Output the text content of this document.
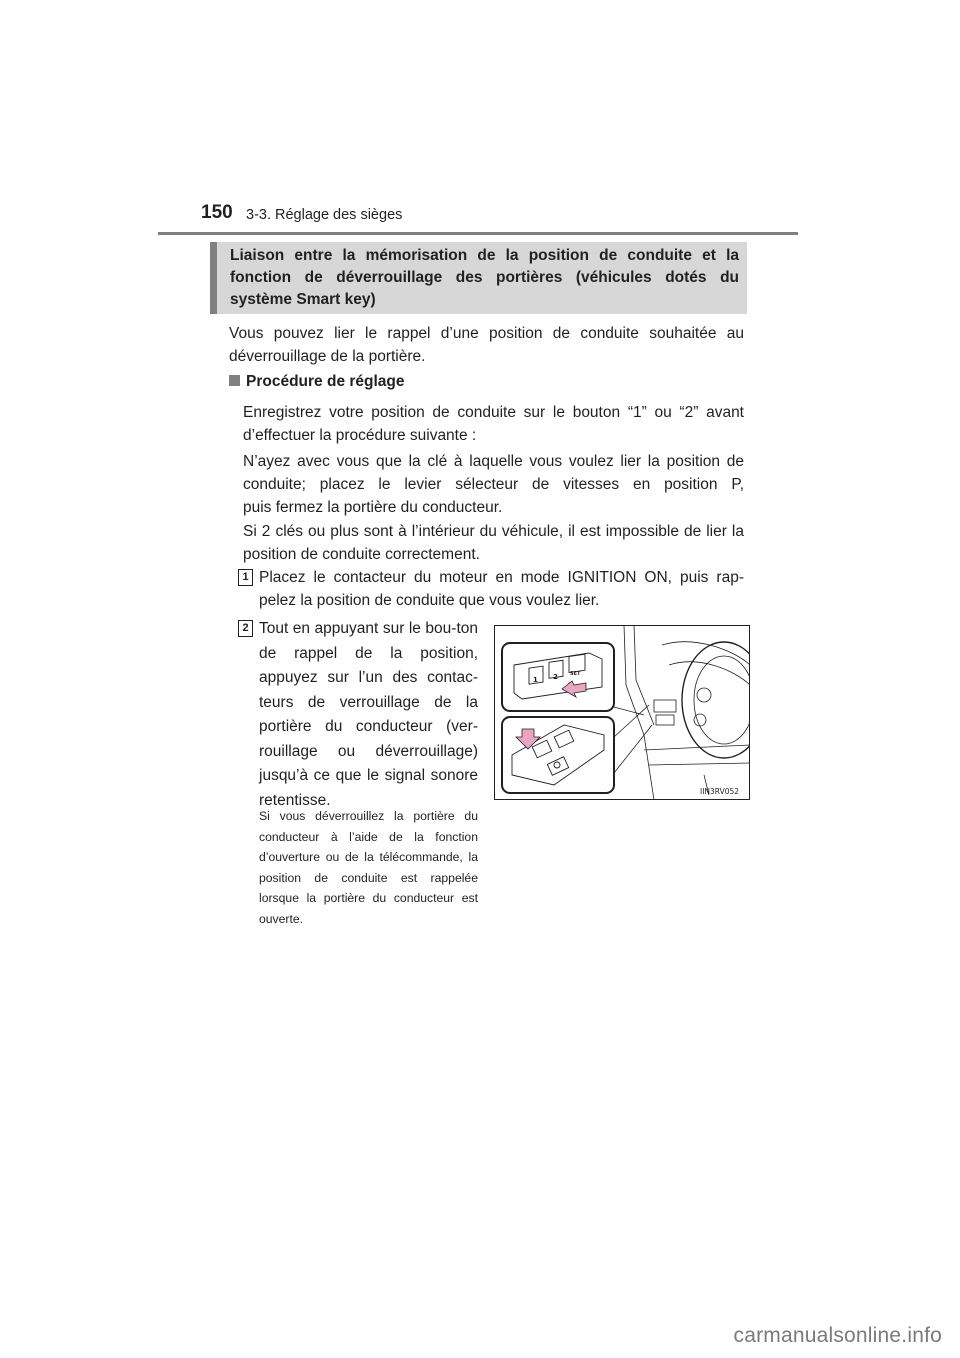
150 3-3. Réglage des sièges
Liaison entre la mémorisation de la position de conduite et la fonction de déverrouillage des portières (véhicules dotés du système Smart key)
Vous pouvez lier le rappel d’une position de conduite souhaitée au déverrouillage de la portière.
Procédure de réglage
Enregistrez votre position de conduite sur le bouton “1” ou “2” avant d’effectuer la procédure suivante :
N’ayez avec vous que la clé à laquelle vous voulez lier la position de conduite; placez le levier sélecteur de vitesses en position P,
puis fermez la portière du conducteur.
Si 2 clés ou plus sont à l’intérieur du véhicule, il est impossible de lier la position de conduite correctement.
1 Placez le contacteur du moteur en mode IGNITION ON, puis rap-pelez la position de conduite que vous voulez lier.
2 Tout en appuyant sur le bou-ton de rappel de la position, appuyez sur l’un des contac-teurs de verrouillage de la portière du conducteur (ver-rouillage ou déverrouillage) jusqu’à ce que le signal sonore retentisse.
Si vous déverrouillez la portière du conducteur à l’aide de la fonction d’ouverture ou de la télécommande, la position de conduite est rappelée lorsque la portière du conducteur est ouverte.
1 2 SET
IIN3RV052
carmanualsonline.info
